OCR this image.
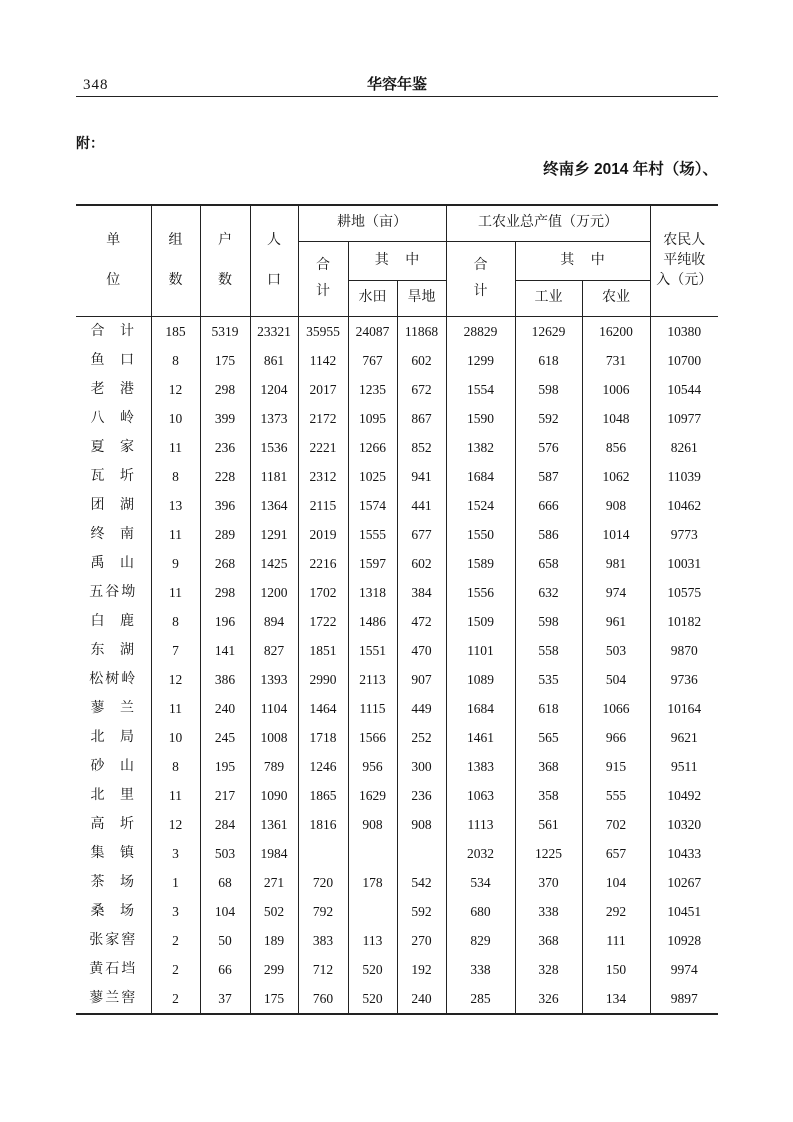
348	华容年鉴
附：
终南乡 2014 年村（场）、
单位	组数	户数	人口	耕地（亩）			工农业总产值（万元）			农民人
平纯收
入（元）

				合计	其 中		合计	其 中		
					水田	旱地		工业	农业	
合 计	185	5319	23321	35955	24087	11868	28829	12629	16200	10380
鱼 口	8	175	861	1142	767	602	1299	618	731	10700
老 港	12	298	1204	2017	1235	672	1554	598	1006	10544
八 岭	10	399	1373	2172	1095	867	1590	592	1048	10977
夏 家	11	236	1536	2221	1266	852	1382	576	856	8261
瓦 圻	8	228	1181	2312	1025	941	1684	587	1062	11039
团 湖	13	396	1364	2115	1574	441	1524	666	908	10462
终 南	11	289	1291	2019	1555	677	1550	586	1014	9773
禹 山	9	268	1425	2216	1597	602	1589	658	981	10031
五谷坳	11	298	1200	1702	1318	384	1556	632	974	10575
白 鹿	8	196	894	1722	1486	472	1509	598	961	10182
东 湖	7	141	827	1851	1551	470	1101	558	503	9870
松树岭	12	386	1393	2990	2113	907	1089	535	504	9736
蓼 兰	11	240	1104	1464	1115	449	1684	618	1066	10164
北 局	10	245	1008	1718	1566	252	1461	565	966	9621
砂 山	8	195	789	1246	956	300	1383	368	915	9511
北 里	11	217	1090	1865	1629	236	1063	358	555	10492
高 圻	12	284	1361	1816	908	908	1113	561	702	10320
集 镇	3	503	1984				2032	1225	657	10433
茶 场	1	68	271	720	178	542	534	370	104	10267
桑 场	3	104	502	792		592	680	338	292	10451
张家窖	2	50	189	383	113	270	829	368	111	10928
黄石垱	2	66	299	712	520	192	338	328	150	9974
蓼兰窖	2	37	175	760	520	240	285	326	134	9897
